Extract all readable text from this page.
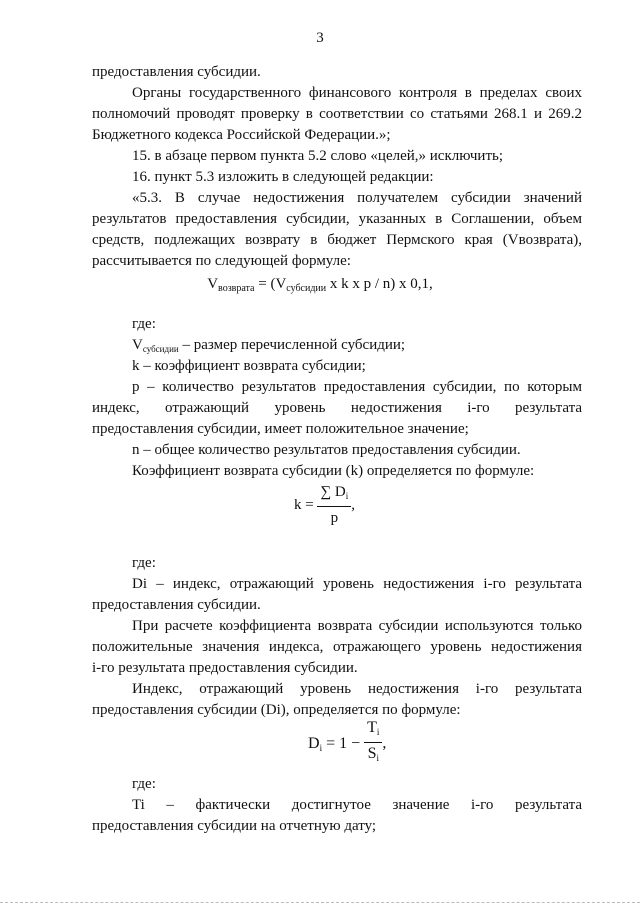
3

предоставления субсидии.

Органы государственного финансового контроля в пределах своих

полномочий проводят проверку в соответствии со статьями 268.1 и 269.2

Бюджетного кодекса Российской Федерации.»;

15. в абзаце первом пункта 5.2 слово «целей,» исключить;

16. пункт 5.3 изложить в следующей редакции:

«5.3. В случае недостижения получателем субсидии значений

результатов предоставления субсидии, указанных в Соглашении, объем

средств, подлежащих возврату в бюджет Пермского края (Vвозврата),

рассчитывается по следующей формуле:

$V_{возврата} = (V_{субсидии}$ x k x p / n) x 0,1,

где:

$V_{субсидии}$ – размер перечисленной субсидии;

k – коэффициент возврата субсидии;

p – количество результатов предоставления субсидии, по которым

индекс, отражающий уровень недостижения i-го результата

предоставления субсидии, имеет положительное значение;

n – общее количество результатов предоставления субсидии.

Коэффициент возврата субсидии (k) определяется по формуле:

$k = \frac{\sum D_i}{p}$ ,

где:

Di – индекс, отражающий уровень недостижения i-го результата

предоставления субсидии.

При расчете коэффициента возврата субсидии используются только

положительные значения индекса, отражающего уровень недостижения

i-го результата предоставления субсидии.

Индекс, отражающий уровень недостижения i-го результата

предоставления субсидии (Di), определяется по формуле:

$D_i = 1 - \frac{T_i}{S_i}$ ,

где:

Ti – фактически достигнутое значение i-го результата

предоставления субсидии на отчетную дату;
